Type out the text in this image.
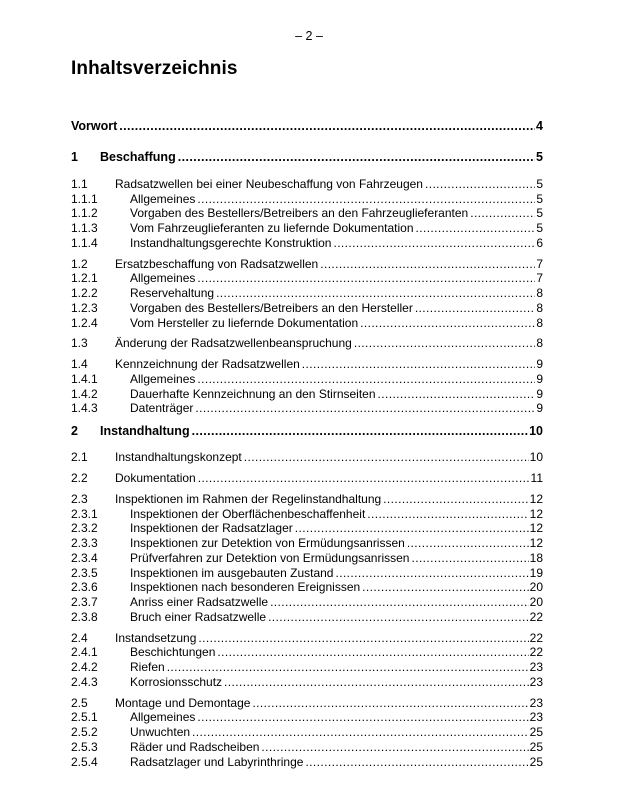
– 2 –
Inhaltsverzeichnis
Vorwort .....	4
1 Beschaffung .....	5
1.1 Radsatzwellen bei einer Neubeschaffung von Fahrzeugen .....	5
1.1.1	Allgemeines .....	5
1.1.2	Vorgaben des Bestellers/Betreibers an den Fahrzeuglieferanten .....	5
1.1.3	Vom Fahrzeuglieferanten zu liefernde Dokumentation .....	5
1.1.4	Instandhaltungsgerechte Konstruktion .....	6
1.2 Ersatzbeschaffung von Radsatzwellen .....	7
1.2.1	Allgemeines .....	7
1.2.2	Reservehaltung .....	8
1.2.3	Vorgaben des Bestellers/Betreibers an den Hersteller .....	8
1.2.4	Vom Hersteller zu liefernde Dokumentation .....	8
1.3 Änderung der Radsatzwellenbeanspruchung .....	8
1.4 Kennzeichnung der Radsatzwellen .....	9
1.4.1	Allgemeines .....	9
1.4.2	Dauerhafte Kennzeichnung an den Stirnseiten .....	9
1.4.3	Datenträger .....	9
2 Instandhaltung .....	10
2.1 Instandhaltungskonzept .....	10
2.2 Dokumentation .....	11
2.3 Inspektionen im Rahmen der Regelinstandhaltung .....	12
2.3.1	Inspektionen der Oberflächenbeschaffenheit .....	12
2.3.2	Inspektionen der Radsatzlager .....	12
2.3.3	Inspektionen zur Detektion von Ermüdungsanrissen .....	12
2.3.4	Prüfverfahren zur Detektion von Ermüdungsanrissen .....	18
2.3.5	Inspektionen im ausgebauten Zustand .....	19
2.3.6	Inspektionen nach besonderen Ereignissen .....	20
2.3.7	Anriss einer Radsatzwelle .....	20
2.3.8	Bruch einer Radsatzwelle .....	22
2.4 Instandsetzung .....	22
2.4.1	Beschichtungen .....	22
2.4.2	Riefen .....	23
2.4.3	Korrosionsschutz .....	23
2.5 Montage und Demontage .....	23
2.5.1	Allgemeines .....	23
2.5.2	Unwuchten .....	25
2.5.3	Räder und Radscheiben .....	25
2.5.4	Radsatzlager und Labyrinthringe .....	25
